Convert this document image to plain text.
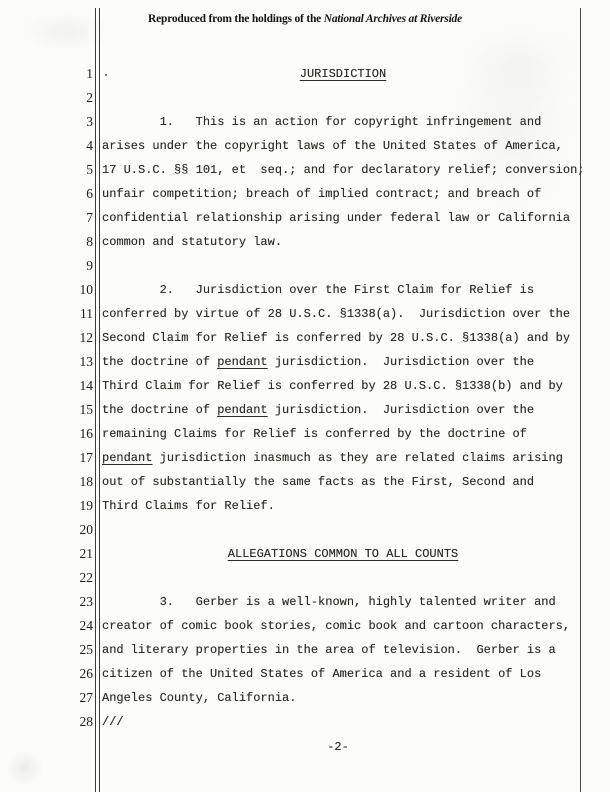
Reproduced from the holdings of the National Archives at Riverside
1	JURISDICTION
2
3 1.   This is an action for copyright infringement and
4 arises under the copyright laws of the United States of America,
5 17 U.S.C. §§ 101, et  seq.; and for declaratory relief; conversion;
6 unfair competition; breach of implied contract; and breach of
7 confidential relationship arising under federal law or California
8 common and statutory law.
9
10 2.   Jurisdiction over the First Claim for Relief is
11 conferred by virtue of 28 U.S.C. §1338(a).  Jurisdiction over the
12 Second Claim for Relief is conferred by 28 U.S.C. §1338(a) and by
13 the doctrine of pendant jurisdiction.  Jurisdiction over the
14 Third Claim for Relief is conferred by 28 U.S.C. §1338(b) and by
15 the doctrine of pendant jurisdiction.  Jurisdiction over the
16 remaining Claims for Relief is conferred by the doctrine of
17 pendant jurisdiction inasmuch as they are related claims arising
18 out of substantially the same facts as the First, Second and
19 Third Claims for Relief.
20
21	ALLEGATIONS COMMON TO ALL COUNTS
22
23 3.   Gerber is a well-known, highly talented writer and
24 creator of comic book stories, comic book and cartoon characters,
25 and literary properties in the area of television.  Gerber is a
26 citizen of the United States of America and a resident of Los
27 Angeles County, California.
28 ///
-2-
